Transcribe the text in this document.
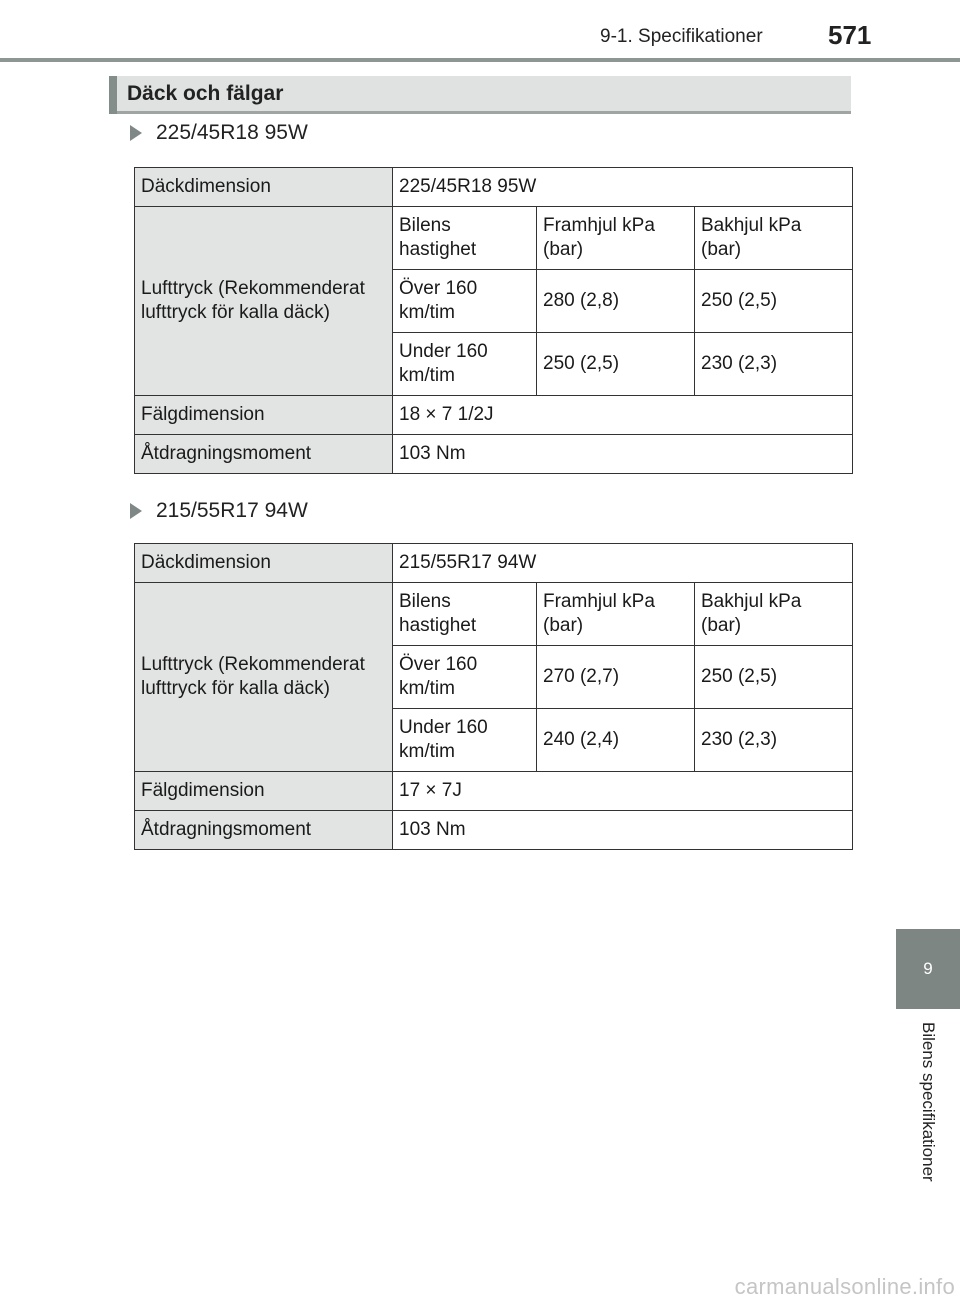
9-1. Specifikationer	571
Däck och fälgar
225/45R18 95W
Däckdimension	225/45R18 95W		
Lufttryck (Rekommenderat lufttryck för kalla däck)	Bilens hastighet	Framhjul kPa (bar)	Bakhjul kPa (bar)
	Över 160 km/tim	280 (2,8)	250 (2,5)
	Under 160 km/tim	250 (2,5)	230 (2,3)
Fälgdimension	18 × 7 1/2J		
Åtdragningsmoment	103 Nm		
215/55R17 94W
Däckdimension	215/55R17 94W		
Lufttryck (Rekommenderat lufttryck för kalla däck)	Bilens hastighet	Framhjul kPa (bar)	Bakhjul kPa (bar)
	Över 160 km/tim	270 (2,7)	250 (2,5)
	Under 160 km/tim	240 (2,4)	230 (2,3)
Fälgdimension	17 × 7J		
Åtdragningsmoment	103 Nm		
9
Bilens specifikationer
carmanualsonline.info
